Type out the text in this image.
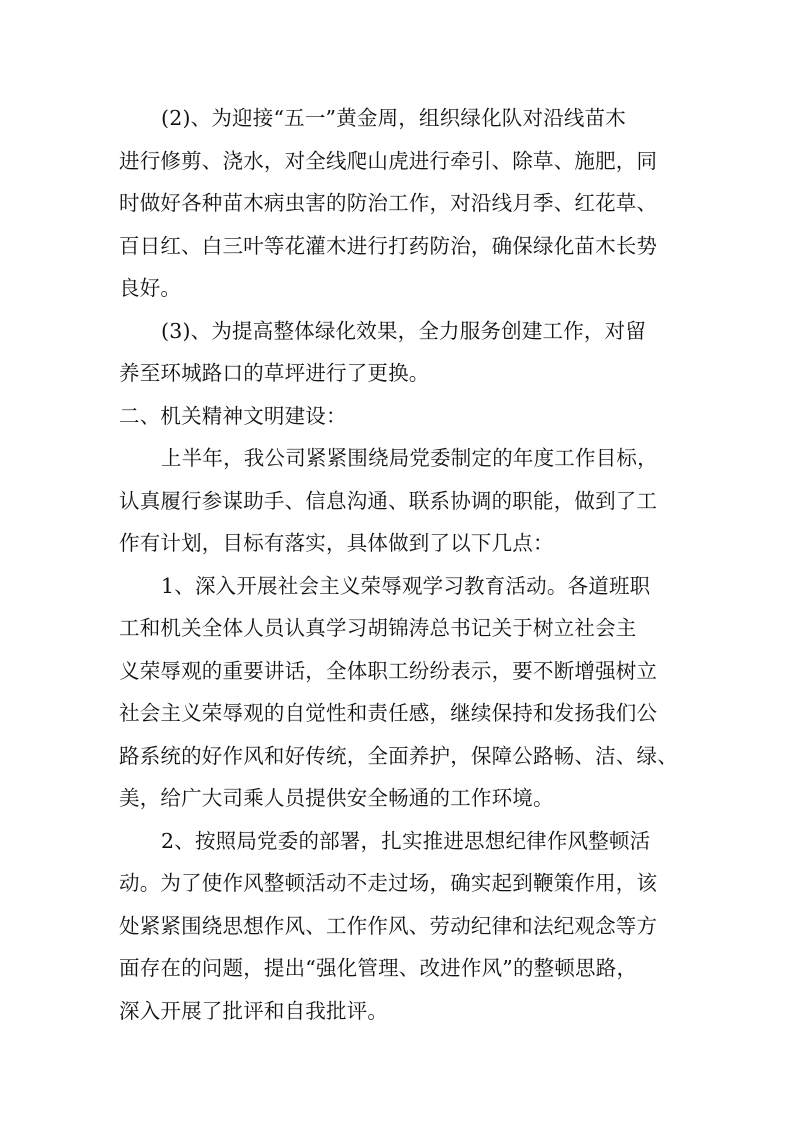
(2)、为迎接“五一”黄金周，组织绿化队对沿线苗木
进行修剪、浇水，对全线爬山虎进行牵引、除草、施肥，同
时做好各种苗木病虫害的防治工作，对沿线月季、红花草、
百日红、白三叶等花灌木进行打药防治，确保绿化苗木长势
良好。
(3)、为提高整体绿化效果，全力服务创建工作，对留
养至环城路口的草坪进行了更换。
二、机关精神文明建设：
上半年，我公司紧紧围绕局党委制定的年度工作目标，
认真履行参谋助手、信息沟通、联系协调的职能，做到了工
作有计划，目标有落实，具体做到了以下几点：
1、深入开展社会主义荣辱观学习教育活动。各道班职
工和机关全体人员认真学习胡锦涛总书记关于树立社会主
义荣辱观的重要讲话，全体职工纷纷表示，要不断增强树立
社会主义荣辱观的自觉性和责任感，继续保持和发扬我们公
路系统的好作风和好传统，全面养护，保障公路畅、洁、绿、
美，给广大司乘人员提供安全畅通的工作环境。
2、按照局党委的部署，扎实推进思想纪律作风整顿活
动。为了使作风整顿活动不走过场，确实起到鞭策作用，该
处紧紧围绕思想作风、工作作风、劳动纪律和法纪观念等方
面存在的问题，提出“强化管理、改进作风”的整顿思路，
深入开展了批评和自我批评。
